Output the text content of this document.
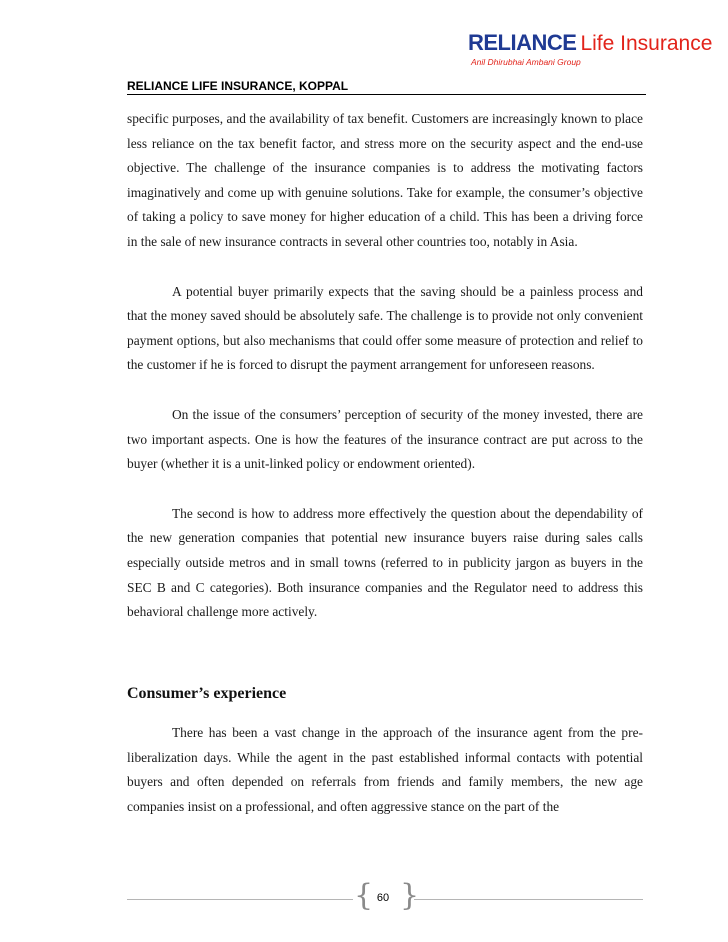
RELIANCE Life Insurance
Anil Dhirubhai Ambani Group
RELIANCE LIFE INSURANCE, KOPPAL

specific purposes, and the availability of tax benefit. Customers are increasingly known to place less reliance on the tax benefit factor, and stress more on the security aspect and the end-use objective. The challenge of the insurance companies is to address the motivating factors imaginatively and come up with genuine solutions. Take for example, the consumer’s objective of taking a policy to save money for higher education of a child. This has been a driving force in the sale of new insurance contracts in several other countries too, notably in Asia.

A potential buyer primarily expects that the saving should be a painless process and that the money saved should be absolutely safe. The challenge is to provide not only convenient payment options, but also mechanisms that could offer some measure of protection and relief to the customer if he is forced to disrupt the payment arrangement for unforeseen reasons.

On the issue of the consumers’ perception of security of the money invested, there are two important aspects. One is how the features of the insurance contract are put across to the buyer (whether it is a unit-linked policy or endowment oriented).

The second is how to address more effectively the question about the dependability of the new generation companies that potential new insurance buyers raise during sales calls especially outside metros and in small towns (referred to in publicity jargon as buyers in the SEC B and C categories). Both insurance companies and the Regulator need to address this behavioral challenge more actively.

Consumer’s experience

There has been a vast change in the approach of the insurance agent from the pre-liberalization days. While the agent in the past established informal contacts with potential buyers and often depended on referrals from friends and family members, the new age companies insist on a professional, and often aggressive stance on the part of the

{ }
60
